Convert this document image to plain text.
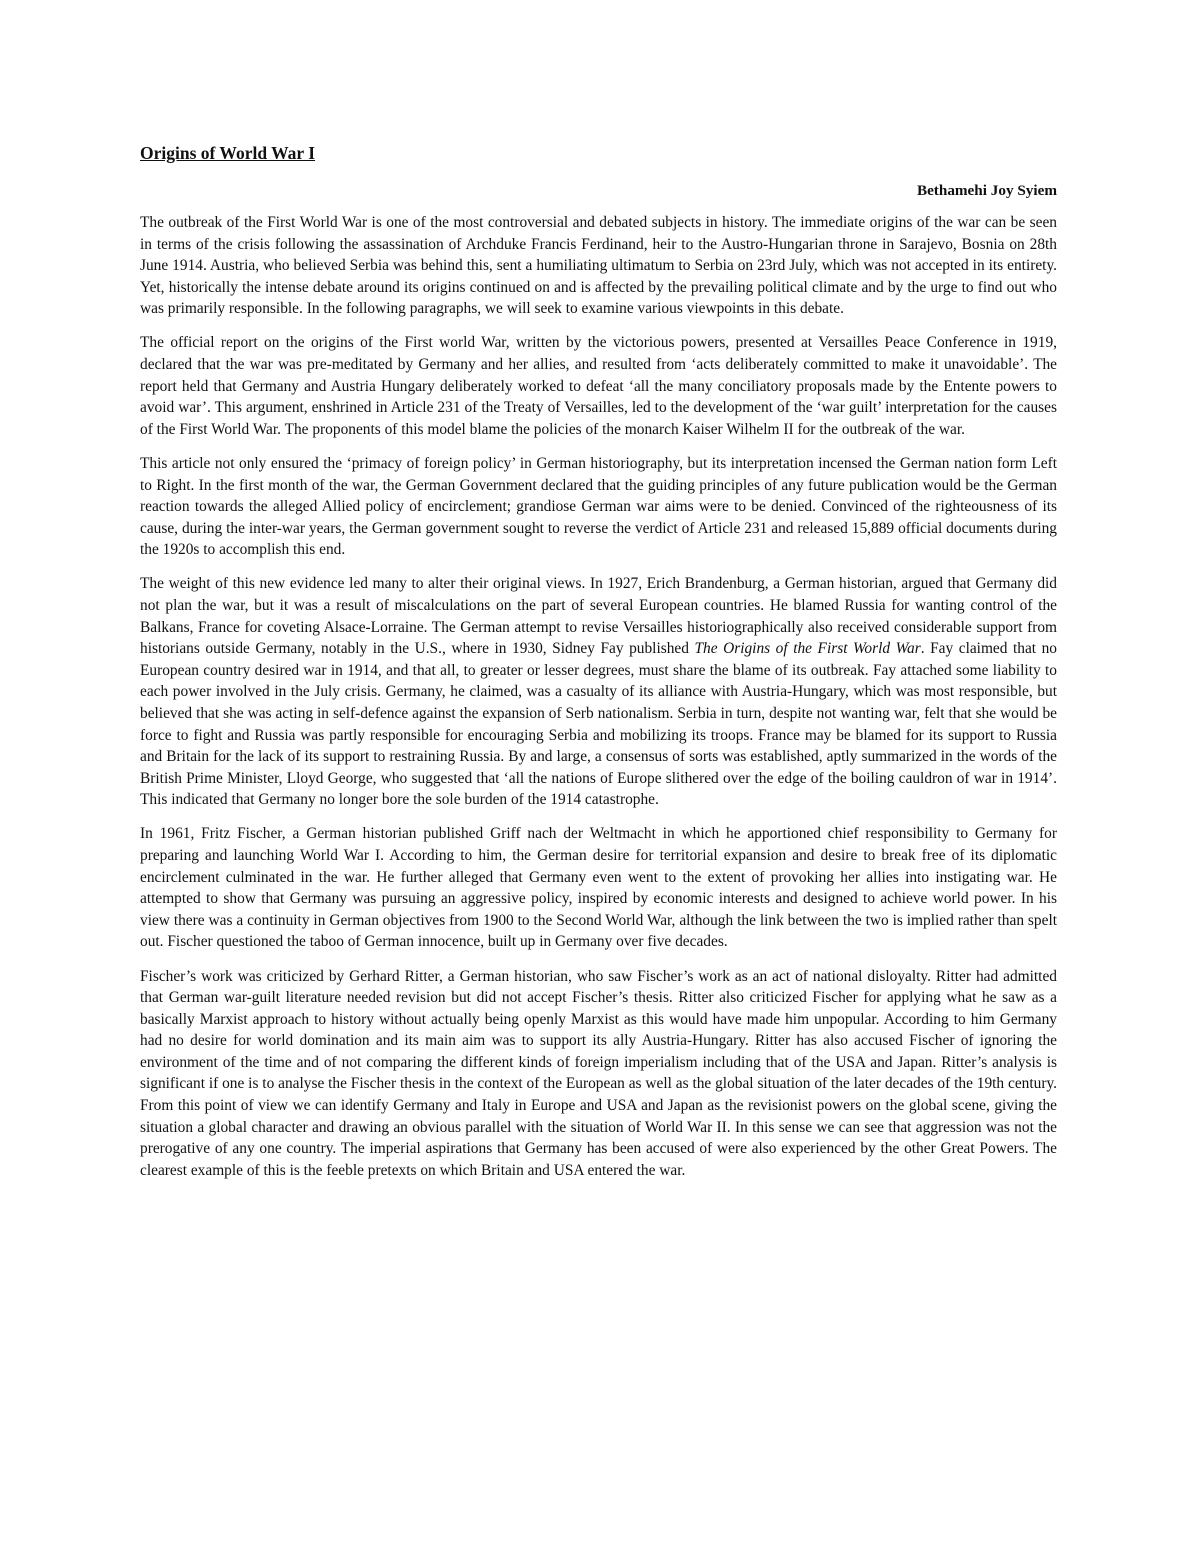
Origins of World War I
Bethamehi Joy Syiem

The outbreak of the First World War is one of the most controversial and debated subjects in history. The immediate origins of the war can be seen in terms of the crisis following the assassination of Archduke Francis Ferdinand, heir to the Austro-Hungarian throne in Sarajevo, Bosnia on 28th June 1914. Austria, who believed Serbia was behind this, sent a humiliating ultimatum to Serbia on 23rd July, which was not accepted in its entirety. Yet, historically the intense debate around its origins continued on and is affected by the prevailing political climate and by the urge to find out who was primarily responsible. In the following paragraphs, we will seek to examine various viewpoints in this debate.

The official report on the origins of the First world War, written by the victorious powers, presented at Versailles Peace Conference in 1919, declared that the war was pre-meditated by Germany and her allies, and resulted from ‘acts deliberately committed to make it unavoidable’. The report held that Germany and Austria Hungary deliberately worked to defeat ‘all the many conciliatory proposals made by the Entente powers to avoid war’. This argument, enshrined in Article 231 of the Treaty of Versailles, led to the development of the ‘war guilt’ interpretation for the causes of the First World War. The proponents of this model blame the policies of the monarch Kaiser Wilhelm II for the outbreak of the war.

This article not only ensured the ‘primacy of foreign policy’ in German historiography, but its interpretation incensed the German nation form Left to Right. In the first month of the war, the German Government declared that the guiding principles of any future publication would be the German reaction towards the alleged Allied policy of encirclement; grandiose German war aims were to be denied. Convinced of the righteousness of its cause, during the inter-war years, the German government sought to reverse the verdict of Article 231 and released 15,889 official documents during the 1920s to accomplish this end.

The weight of this new evidence led many to alter their original views. In 1927, Erich Brandenburg, a German historian, argued that Germany did not plan the war, but it was a result of miscalculations on the part of several European countries. He blamed Russia for wanting control of the Balkans, France for coveting Alsace-Lorraine. The German attempt to revise Versailles historiographically also received considerable support from historians outside Germany, notably in the U.S., where in 1930, Sidney Fay published The Origins of the First World War. Fay claimed that no European country desired war in 1914, and that all, to greater or lesser degrees, must share the blame of its outbreak. Fay attached some liability to each power involved in the July crisis. Germany, he claimed, was a casualty of its alliance with Austria-Hungary, which was most responsible, but believed that she was acting in self-defence against the expansion of Serb nationalism. Serbia in turn, despite not wanting war, felt that she would be force to fight and Russia was partly responsible for encouraging Serbia and mobilizing its troops. France may be blamed for its support to Russia and Britain for the lack of its support to restraining Russia. By and large, a consensus of sorts was established, aptly summarized in the words of the British Prime Minister, Lloyd George, who suggested that ‘all the nations of Europe slithered over the edge of the boiling cauldron of war in 1914’. This indicated that Germany no longer bore the sole burden of the 1914 catastrophe.

In 1961, Fritz Fischer, a German historian published Griff nach der Weltmacht in which he apportioned chief responsibility to Germany for preparing and launching World War I. According to him, the German desire for territorial expansion and desire to break free of its diplomatic encirclement culminated in the war. He further alleged that Germany even went to the extent of provoking her allies into instigating war. He attempted to show that Germany was pursuing an aggressive policy, inspired by economic interests and designed to achieve world power. In his view there was a continuity in German objectives from 1900 to the Second World War, although the link between the two is implied rather than spelt out. Fischer questioned the taboo of German innocence, built up in Germany over five decades.

Fischer’s work was criticized by Gerhard Ritter, a German historian, who saw Fischer’s work as an act of national disloyalty. Ritter had admitted that German war-guilt literature needed revision but did not accept Fischer’s thesis. Ritter also criticized Fischer for applying what he saw as a basically Marxist approach to history without actually being openly Marxist as this would have made him unpopular. According to him Germany had no desire for world domination and its main aim was to support its ally Austria-Hungary. Ritter has also accused Fischer of ignoring the environment of the time and of not comparing the different kinds of foreign imperialism including that of the USA and Japan. Ritter’s analysis is significant if one is to analyse the Fischer thesis in the context of the European as well as the global situation of the later decades of the 19th century. From this point of view we can identify Germany and Italy in Europe and USA and Japan as the revisionist powers on the global scene, giving the situation a global character and drawing an obvious parallel with the situation of World War II. In this sense we can see that aggression was not the prerogative of any one country. The imperial aspirations that Germany has been accused of were also experienced by the other Great Powers. The clearest example of this is the feeble pretexts on which Britain and USA entered the war.
